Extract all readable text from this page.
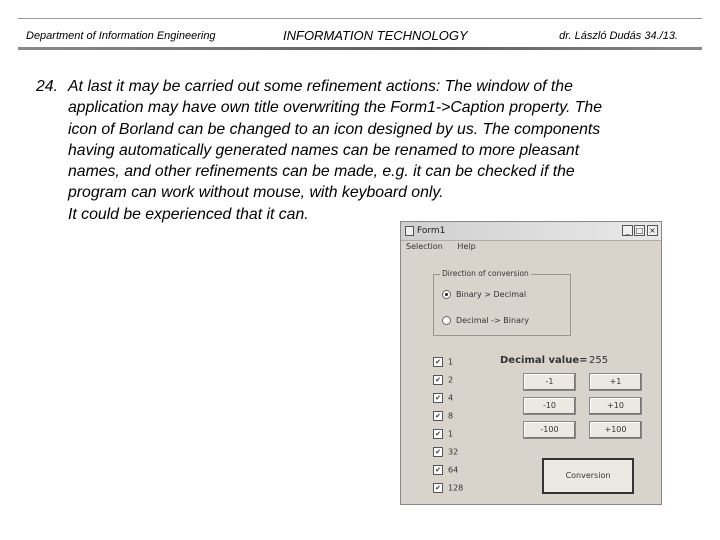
Department of Information Engineering	INFORMATION TECHNOLOGY	dr. László Dudás 34./13.
24. At last it may be carried out some refinement actions: The window of the
application may have own title overwriting the Form1->Caption property. The
icon of Borland can be changed to an icon designed by us. The components
having automatically generated names can be renamed to more pleasant
names, and other refinements can be made, e.g. it can be checked if the
program can work without mouse, with keyboard only.
It could be experienced that it can.
Form1	_ □ ×
Selection Help
Direction of conversion
Binary > Decimal
Decimal -> Binary
✔ 1
✔ 2
✔ 4
✔ 8
✔ 1
✔ 32
✔ 64
✔ 128
Decimal value= 255
-1	+1
-10	+10
-100	+100
Conversion
